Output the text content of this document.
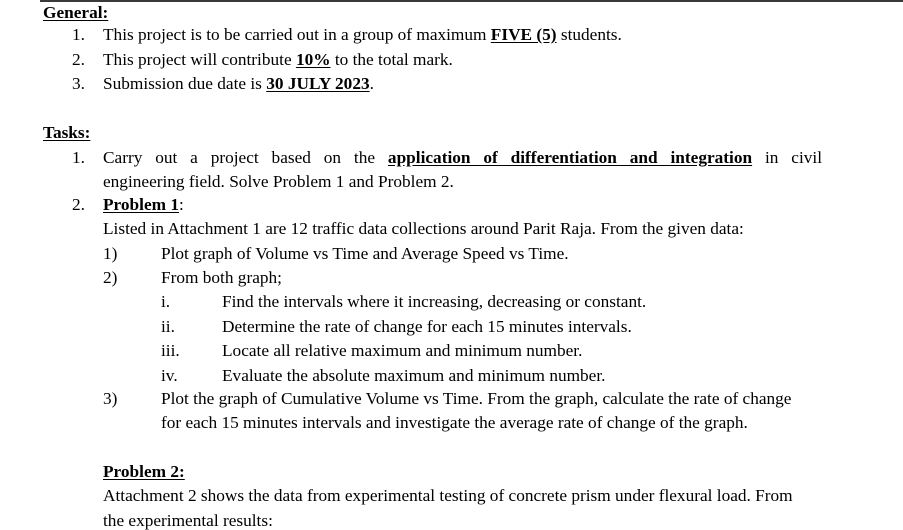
General:
1. This project is to be carried out in a group of maximum FIVE (5) students.
2. This project will contribute 10% to the total mark.
3. Submission due date is 30 JULY 2023.
Tasks:
1. Carry out a project based on the application of differentiation and integration in civil
engineering field. Solve Problem 1 and Problem 2.
2. Problem 1:
Listed in Attachment 1 are 12 traffic data collections around Parit Raja. From the given data:
1)	Plot graph of Volume vs Time and Average Speed vs Time.
2)	From both graph;
i.	Find the intervals where it increasing, decreasing or constant.
ii.	Determine the rate of change for each 15 minutes intervals.
iii. Locate all relative maximum and minimum number.
iv.	Evaluate the absolute maximum and minimum number.
3)	Plot the graph of Cumulative Volume vs Time. From the graph, calculate the rate of change
for each 15 minutes intervals and investigate the average rate of change of the graph.
Problem 2:
Attachment 2 shows the data from experimental testing of concrete prism under flexural load. From
the experimental results:
